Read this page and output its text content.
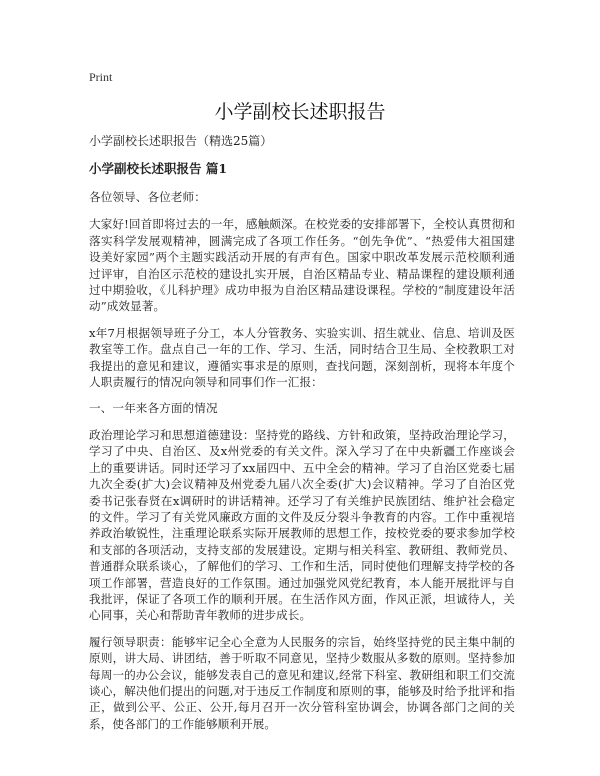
Print
小学副校长述职报告

小学副校长述职报告（精选25篇）

小学副校长述职报告 篇1

各位领导、各位老师：

大家好!回首即将过去的一年，感触颇深。在校党委的安排部署下，全校认真贯彻和落实科学发展观精神，圆满完成了各项工作任务。“创先争优”、“热爱伟大祖国建设美好家园”两个主题实践活动开展的有声有色。国家中职改革发展示范校顺利通过评审，自治区示范校的建设扎实开展，自治区精品专业、精品课程的建设顺利通过中期验收，《儿科护理》成功申报为自治区精品建设课程。学校的“制度建设年活动”成效显著。

x年7月根据领导班子分工，本人分管教务、实验实训、招生就业、信息、培训及医教室等工作。盘点自己一年的工作、学习、生活，同时结合卫生局、全校教职工对我提出的意见和建议，遵循实事求是的原则，查找问题，深刻剖析，现将本年度个人职责履行的情况向领导和同事们作一汇报：

一、一年来各方面的情况

政治理论学习和思想道德建设：坚持党的路线、方针和政策，坚持政治理论学习，学习了中央、自治区、及x州党委的有关文件。深入学习了在中央新疆工作座谈会上的重要讲话。同时还学习了xx届四中、五中全会的精神。学习了自治区党委七届九次全委(扩大)会议精神及州党委九届八次全委(扩大)会议精神。学习了自治区党委书记张春贤在x调研时的讲话精神。还学习了有关维护民族团结、维护社会稳定的文件。学习了有关党风廉政方面的文件及反分裂斗争教育的内容。工作中重视培养政治敏锐性，注重理论联系实际开展教师的思想工作，按校党委的要求参加学校和支部的各项活动，支持支部的发展建设。定期与相关科室、教研组、教师党员、普通群众联系谈心，了解他们的学习、工作和生活，同时使他们理解支持学校的各项工作部署，营造良好的工作氛围。通过加强党风党纪教育，本人能开展批评与自我批评，保证了各项工作的顺利开展。在生活作风方面，作风正派，坦诚待人，关心同事，关心和帮助青年教师的进步成长。

履行领导职责：能够牢记全心全意为人民服务的宗旨，始终坚持党的民主集中制的原则，讲大局、讲团结，善于听取不同意见，坚持少数服从多数的原则。坚持参加每周一的办公会议，能够发表自己的意见和建议,经常下科室、教研组和职工们交流谈心，解决他们提出的问题,对于违反工作制度和原则的事，能够及时给予批评和指正，做到公平、公正、公开,每月召开一次分管科室协调会，协调各部门之间的关系，使各部门的工作能够顺利开展。
